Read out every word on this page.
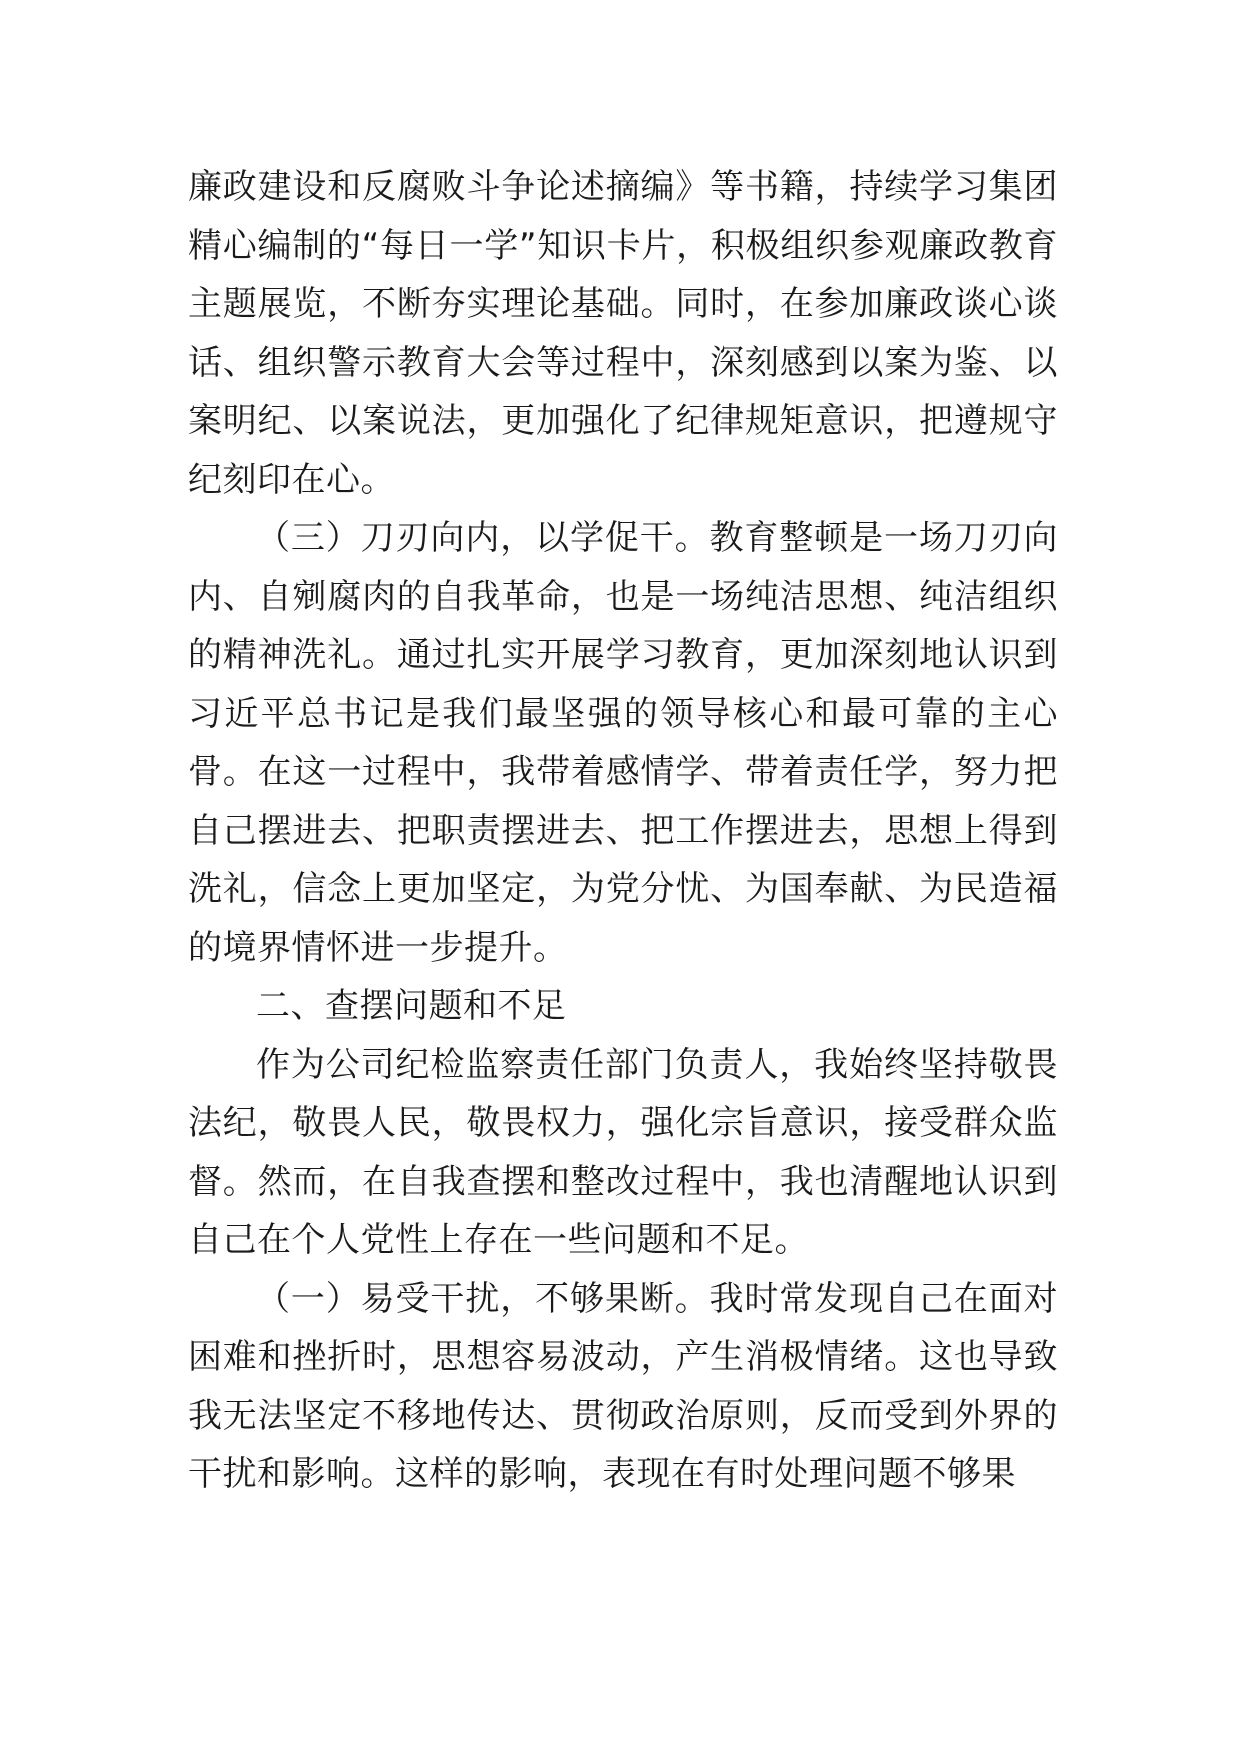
廉政建设和反腐败斗争论述摘编》等书籍，持续学习集团精心编制的“每日一学”知识卡片，积极组织参观廉政教育主题展览，不断夯实理论基础。同时，在参加廉政谈心谈话、组织警示教育大会等过程中，深刻感到以案为鉴、以案明纪、以案说法，更加强化了纪律规矩意识，把遵规守纪刻印在心。

（三）刀刃向内，以学促干。教育整顿是一场刀刃向内、自剜腐肉的自我革命，也是一场纯洁思想、纯洁组织的精神洗礼。通过扎实开展学习教育，更加深刻地认识到习近平总书记是我们最坚强的领导核心和最可靠的主心骨。在这一过程中，我带着感情学、带着责任学，努力把自己摆进去、把职责摆进去、把工作摆进去，思想上得到洗礼，信念上更加坚定，为党分忧、为国奉献、为民造福的境界情怀进一步提升。

二、查摆问题和不足

作为公司纪检监察责任部门负责人，我始终坚持敬畏法纪，敬畏人民，敬畏权力，强化宗旨意识，接受群众监督。然而，在自我查摆和整改过程中，我也清醒地认识到自己在个人党性上存在一些问题和不足。

（一）易受干扰，不够果断。我时常发现自己在面对困难和挫折时，思想容易波动，产生消极情绪。这也导致我无法坚定不移地传达、贯彻政治原则，反而受到外界的干扰和影响。这样的影响，表现在有时处理问题不够果
